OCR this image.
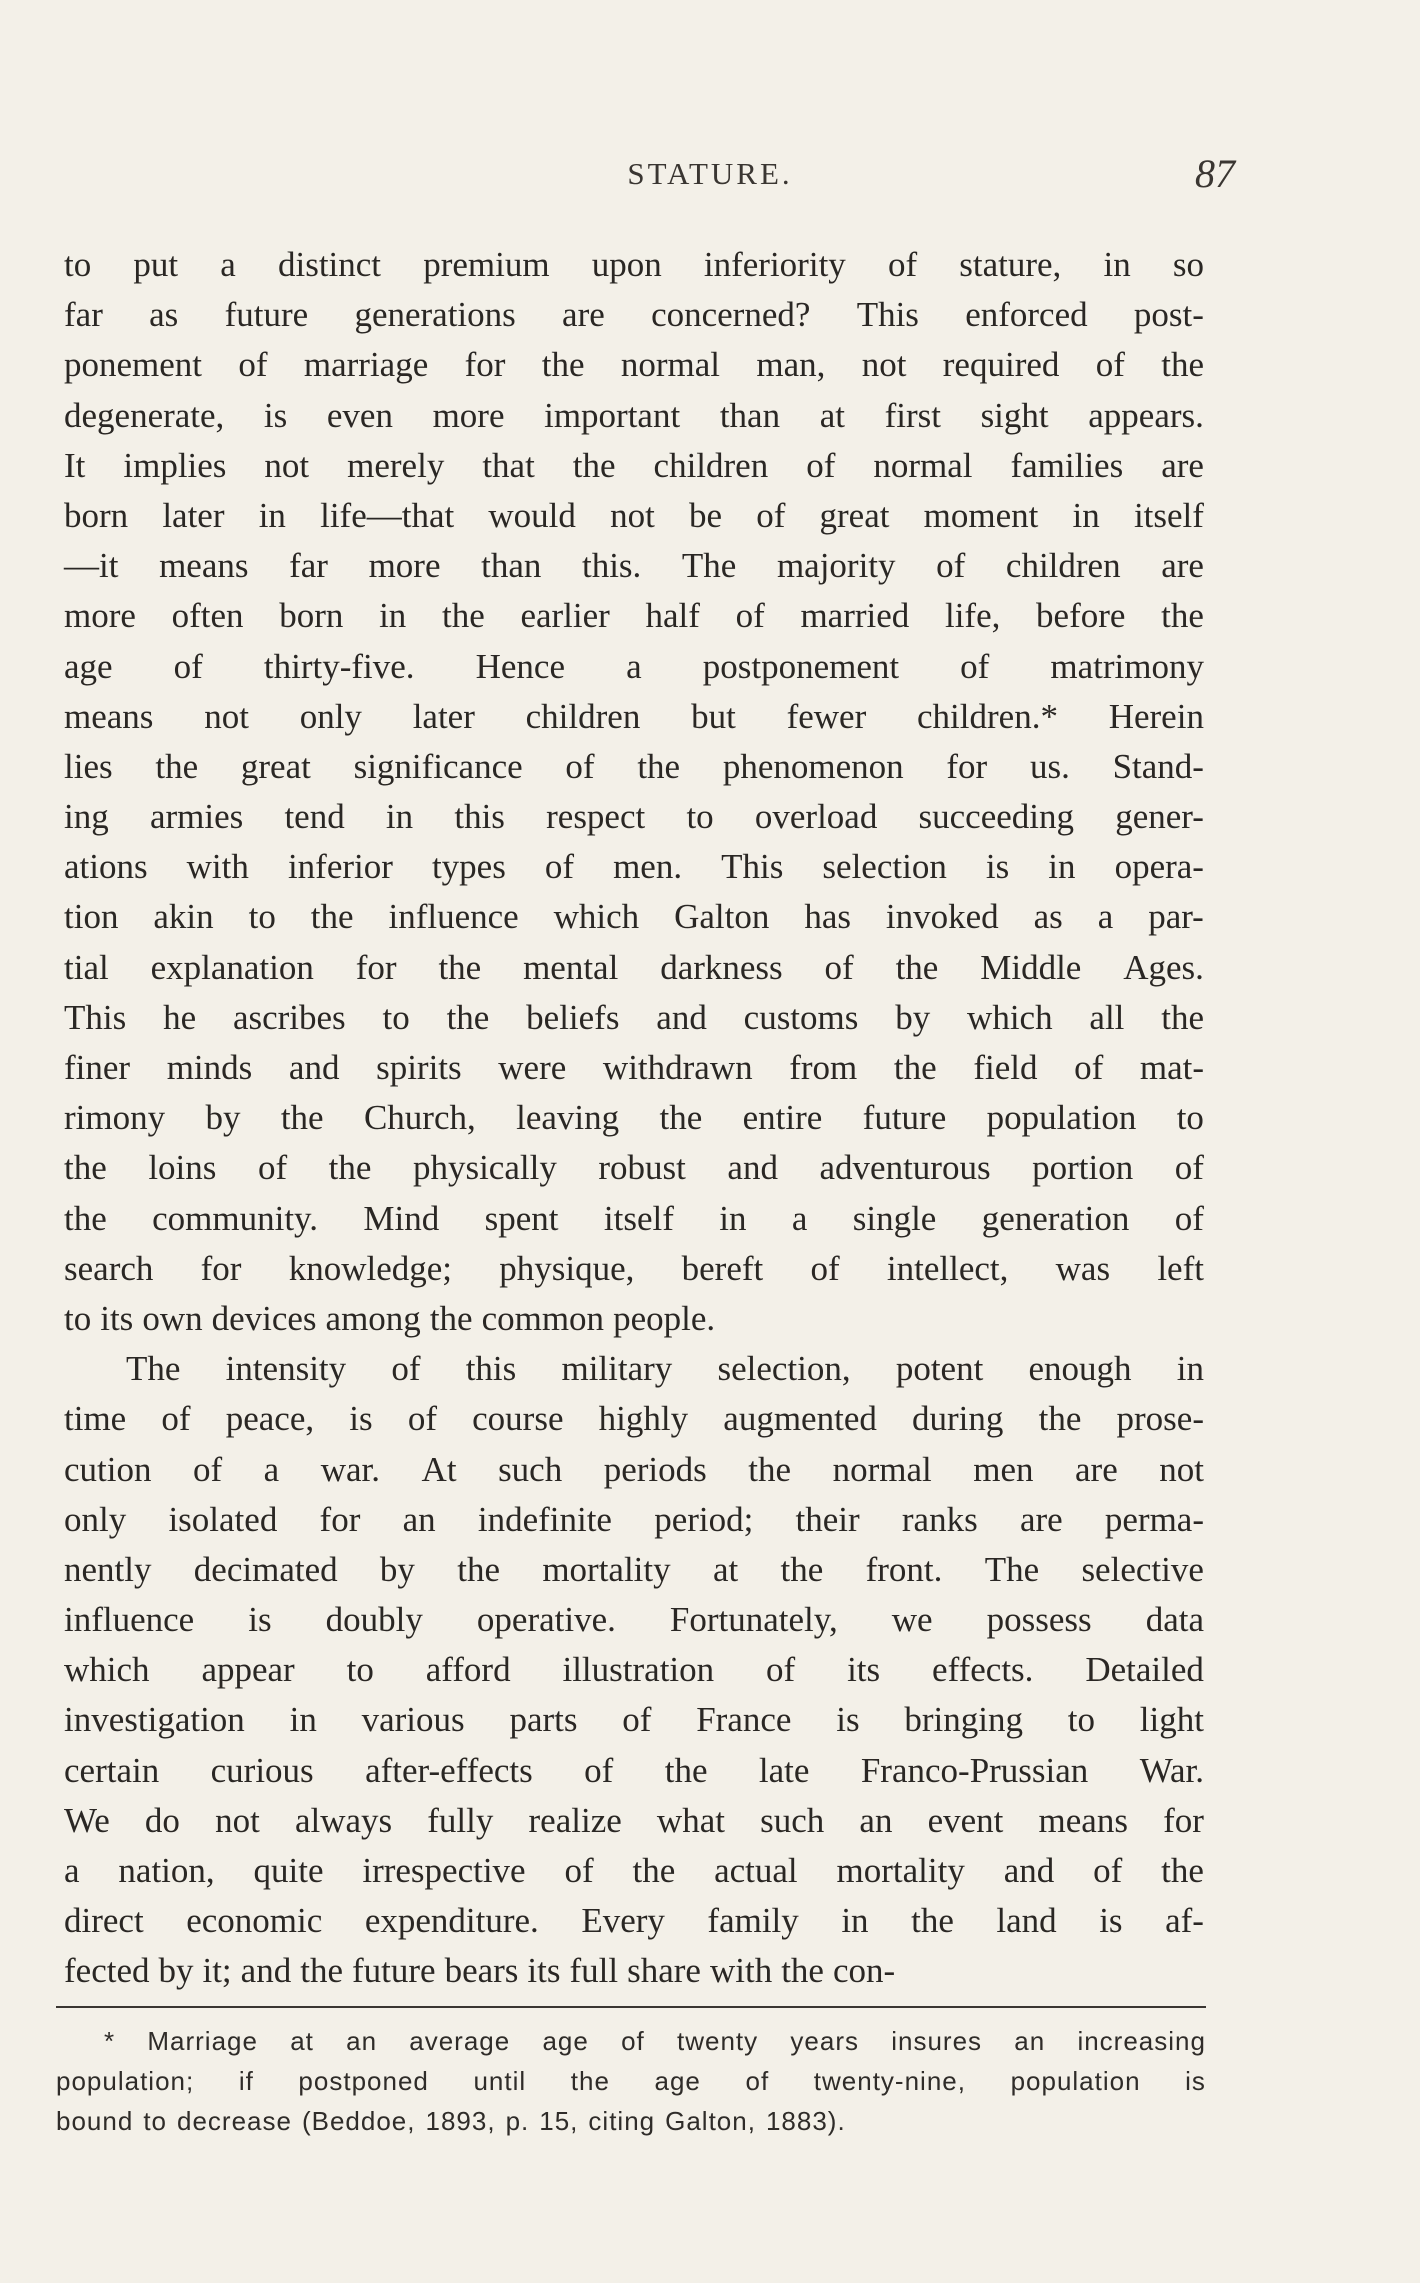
STATURE.	87
to put a distinct premium upon inferiority of stature, in so
far as future generations are concerned? This enforced post-
ponement of marriage for the normal man, not required of the
degenerate, is even more important than at first sight appears.
It implies not merely that the children of normal families are
born later in life—that would not be of great moment in itself
—it means far more than this. The majority of children are
more often born in the earlier half of married life, before the
age of thirty-five. Hence a postponement of matrimony
means not only later children but fewer children.* Herein
lies the great significance of the phenomenon for us. Stand-
ing armies tend in this respect to overload succeeding gener-
ations with inferior types of men. This selection is in opera-
tion akin to the influence which Galton has invoked as a par-
tial explanation for the mental darkness of the Middle Ages.
This he ascribes to the beliefs and customs by which all the
finer minds and spirits were withdrawn from the field of mat-
rimony by the Church, leaving the entire future population to
the loins of the physically robust and adventurous portion of
the community. Mind spent itself in a single generation of
search for knowledge; physique, bereft of intellect, was left
to its own devices among the common people.
The intensity of this military selection, potent enough in
time of peace, is of course highly augmented during the prose-
cution of a war. At such periods the normal men are not
only isolated for an indefinite period; their ranks are perma-
nently decimated by the mortality at the front. The selective
influence is doubly operative. Fortunately, we possess data
which appear to afford illustration of its effects. Detailed
investigation in various parts of France is bringing to light
certain curious after-effects of the late Franco-Prussian War.
We do not always fully realize what such an event means for
a nation, quite irrespective of the actual mortality and of the
direct economic expenditure. Every family in the land is af-
fected by it; and the future bears its full share with the con-
* Marriage at an average age of twenty years insures an increasing
population; if postponed until the age of twenty-nine, population is
bound to decrease (Beddoe, 1893, p. 15, citing Galton, 1883).
